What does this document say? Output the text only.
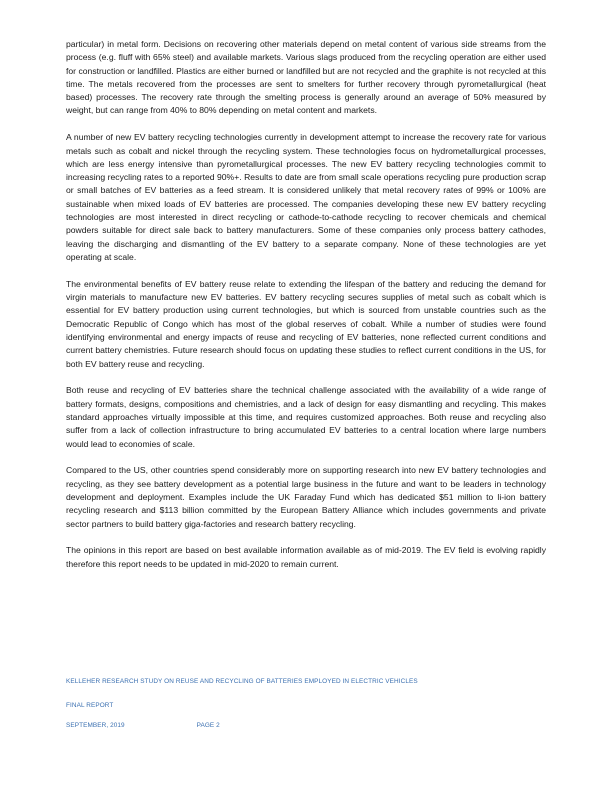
particular) in metal form. Decisions on recovering other materials depend on metal content of various side streams from the process (e.g. fluff with 65% steel) and available markets. Various slags produced from the recycling operation are either used for construction or landfilled. Plastics are either burned or landfilled but are not recycled and the graphite is not recycled at this time. The metals recovered from the processes are sent to smelters for further recovery through pyrometallurgical (heat based) processes. The recovery rate through the smelting process is generally around an average of 50% measured by weight, but can range from 40% to 80% depending on metal content and markets.

A number of new EV battery recycling technologies currently in development attempt to increase the recovery rate for various metals such as cobalt and nickel through the recycling system. These technologies focus on hydrometallurgical processes, which are less energy intensive than pyrometallurgical processes. The new EV battery recycling technologies commit to increasing recycling rates to a reported 90%+. Results to date are from small scale operations recycling pure production scrap or small batches of EV batteries as a feed stream. It is considered unlikely that metal recovery rates of 99% or 100% are sustainable when mixed loads of EV batteries are processed. The companies developing these new EV battery recycling technologies are most interested in direct recycling or cathode-to-cathode recycling to recover chemicals and chemical powders suitable for direct sale back to battery manufacturers. Some of these companies only process battery cathodes, leaving the discharging and dismantling of the EV battery to a separate company. None of these technologies are yet operating at scale.

The environmental benefits of EV battery reuse relate to extending the lifespan of the battery and reducing the demand for virgin materials to manufacture new EV batteries. EV battery recycling secures supplies of metal such as cobalt which is essential for EV battery production using current technologies, but which is sourced from unstable countries such as the Democratic Republic of Congo which has most of the global reserves of cobalt. While a number of studies were found identifying environmental and energy impacts of reuse and recycling of EV batteries, none reflected current conditions and current battery chemistries. Future research should focus on updating these studies to reflect current conditions in the US, for both EV battery reuse and recycling.

Both reuse and recycling of EV batteries share the technical challenge associated with the availability of a wide range of battery formats, designs, compositions and chemistries, and a lack of design for easy dismantling and recycling. This makes standard approaches virtually impossible at this time, and requires customized approaches. Both reuse and recycling also suffer from a lack of collection infrastructure to bring accumulated EV batteries to a central location where large numbers would lead to economies of scale.

Compared to the US, other countries spend considerably more on supporting research into new EV battery technologies and recycling, as they see battery development as a potential large business in the future and want to be leaders in technology development and deployment. Examples include the UK Faraday Fund which has dedicated $51 million to li-ion battery recycling research and $113 billion committed by the European Battery Alliance which includes governments and private sector partners to build battery giga-factories and research battery recycling.

The opinions in this report are based on best available information available as of mid-2019. The EV field is evolving rapidly therefore this report needs to be updated in mid-2020 to remain current.

KELLEHER RESEARCH STUDY ON REUSE AND RECYCLING OF BATTERIES EMPLOYED IN ELECTRIC VEHICLES
FINAL REPORT
SEPTEMBER, 2019	PAGE 2
